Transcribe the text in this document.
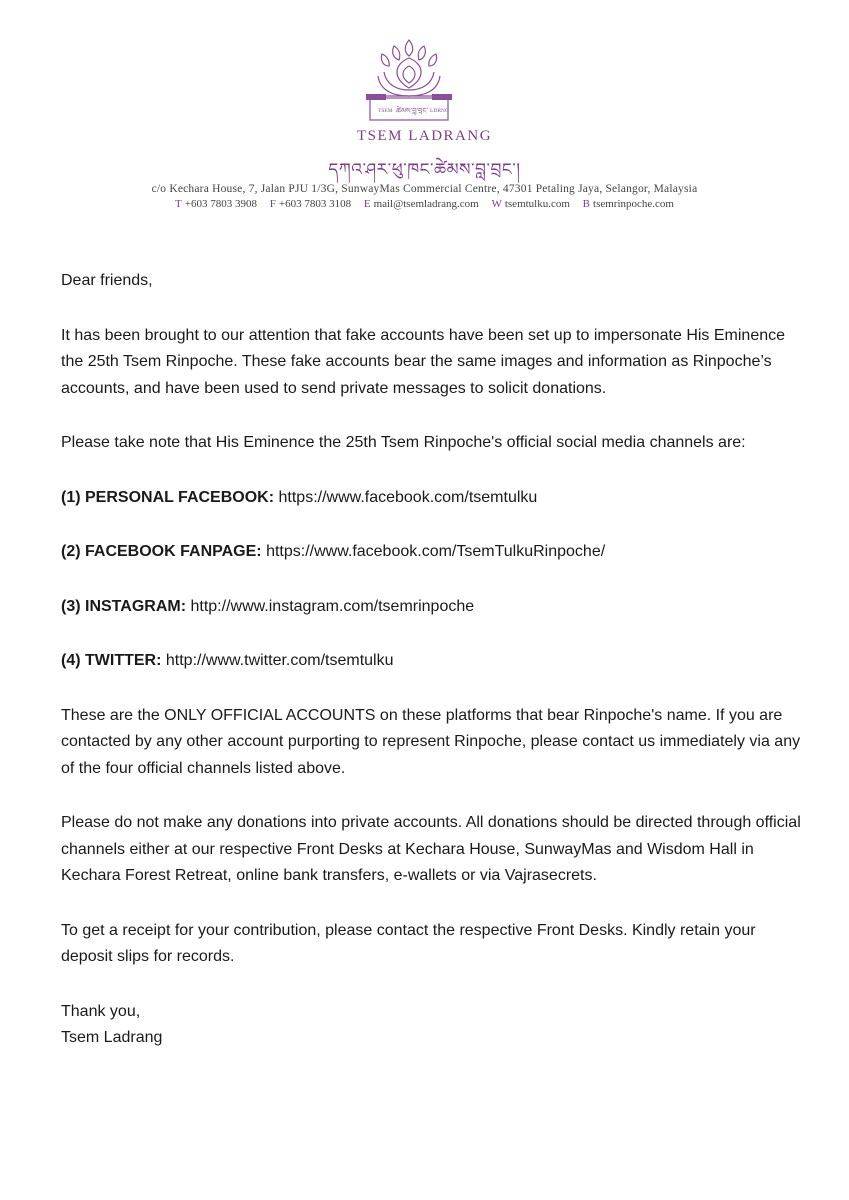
TSEM ཚེམས་བླ་བྲང་ LDRNG
TSEM LADRANG
དཀའ་ཤར་ཕུ་ཁང་ཚེམས་བླ་བྲང་།
c/o Kechara House, 7, Jalan PJU 1/3G, SunwayMas Commercial Centre, 47301 Petaling Jaya, Selangor, Malaysia
T +603 7803 3908 F +603 7803 3108 E mail@tsemladrang.com W tsemtulku.com B tsemrinpoche.com

Dear friends,

It has been brought to our attention that fake accounts have been set up to impersonate His Eminence the 25th Tsem Rinpoche. These fake accounts bear the same images and information as Rinpoche’s accounts, and have been used to send private messages to solicit donations.

Please take note that His Eminence the 25th Tsem Rinpoche's official social media channels are:

(1) PERSONAL FACEBOOK: https://www.facebook.com/tsemtulku

(2) FACEBOOK FANPAGE: https://www.facebook.com/TsemTulkuRinpoche/

(3) INSTAGRAM: http://www.instagram.com/tsemrinpoche

(4) TWITTER: http://www.twitter.com/tsemtulku

These are the ONLY OFFICIAL ACCOUNTS on these platforms that bear Rinpoche's name. If you are contacted by any other account purporting to represent Rinpoche, please contact us immediately via any of the four official channels listed above.

Please do not make any donations into private accounts. All donations should be directed through official channels either at our respective Front Desks at Kechara House, SunwayMas and Wisdom Hall in Kechara Forest Retreat, online bank transfers, e-wallets or via Vajrasecrets.

To get a receipt for your contribution, please contact the respective Front Desks. Kindly retain your deposit slips for records.

Thank you,

Tsem Ladrang
